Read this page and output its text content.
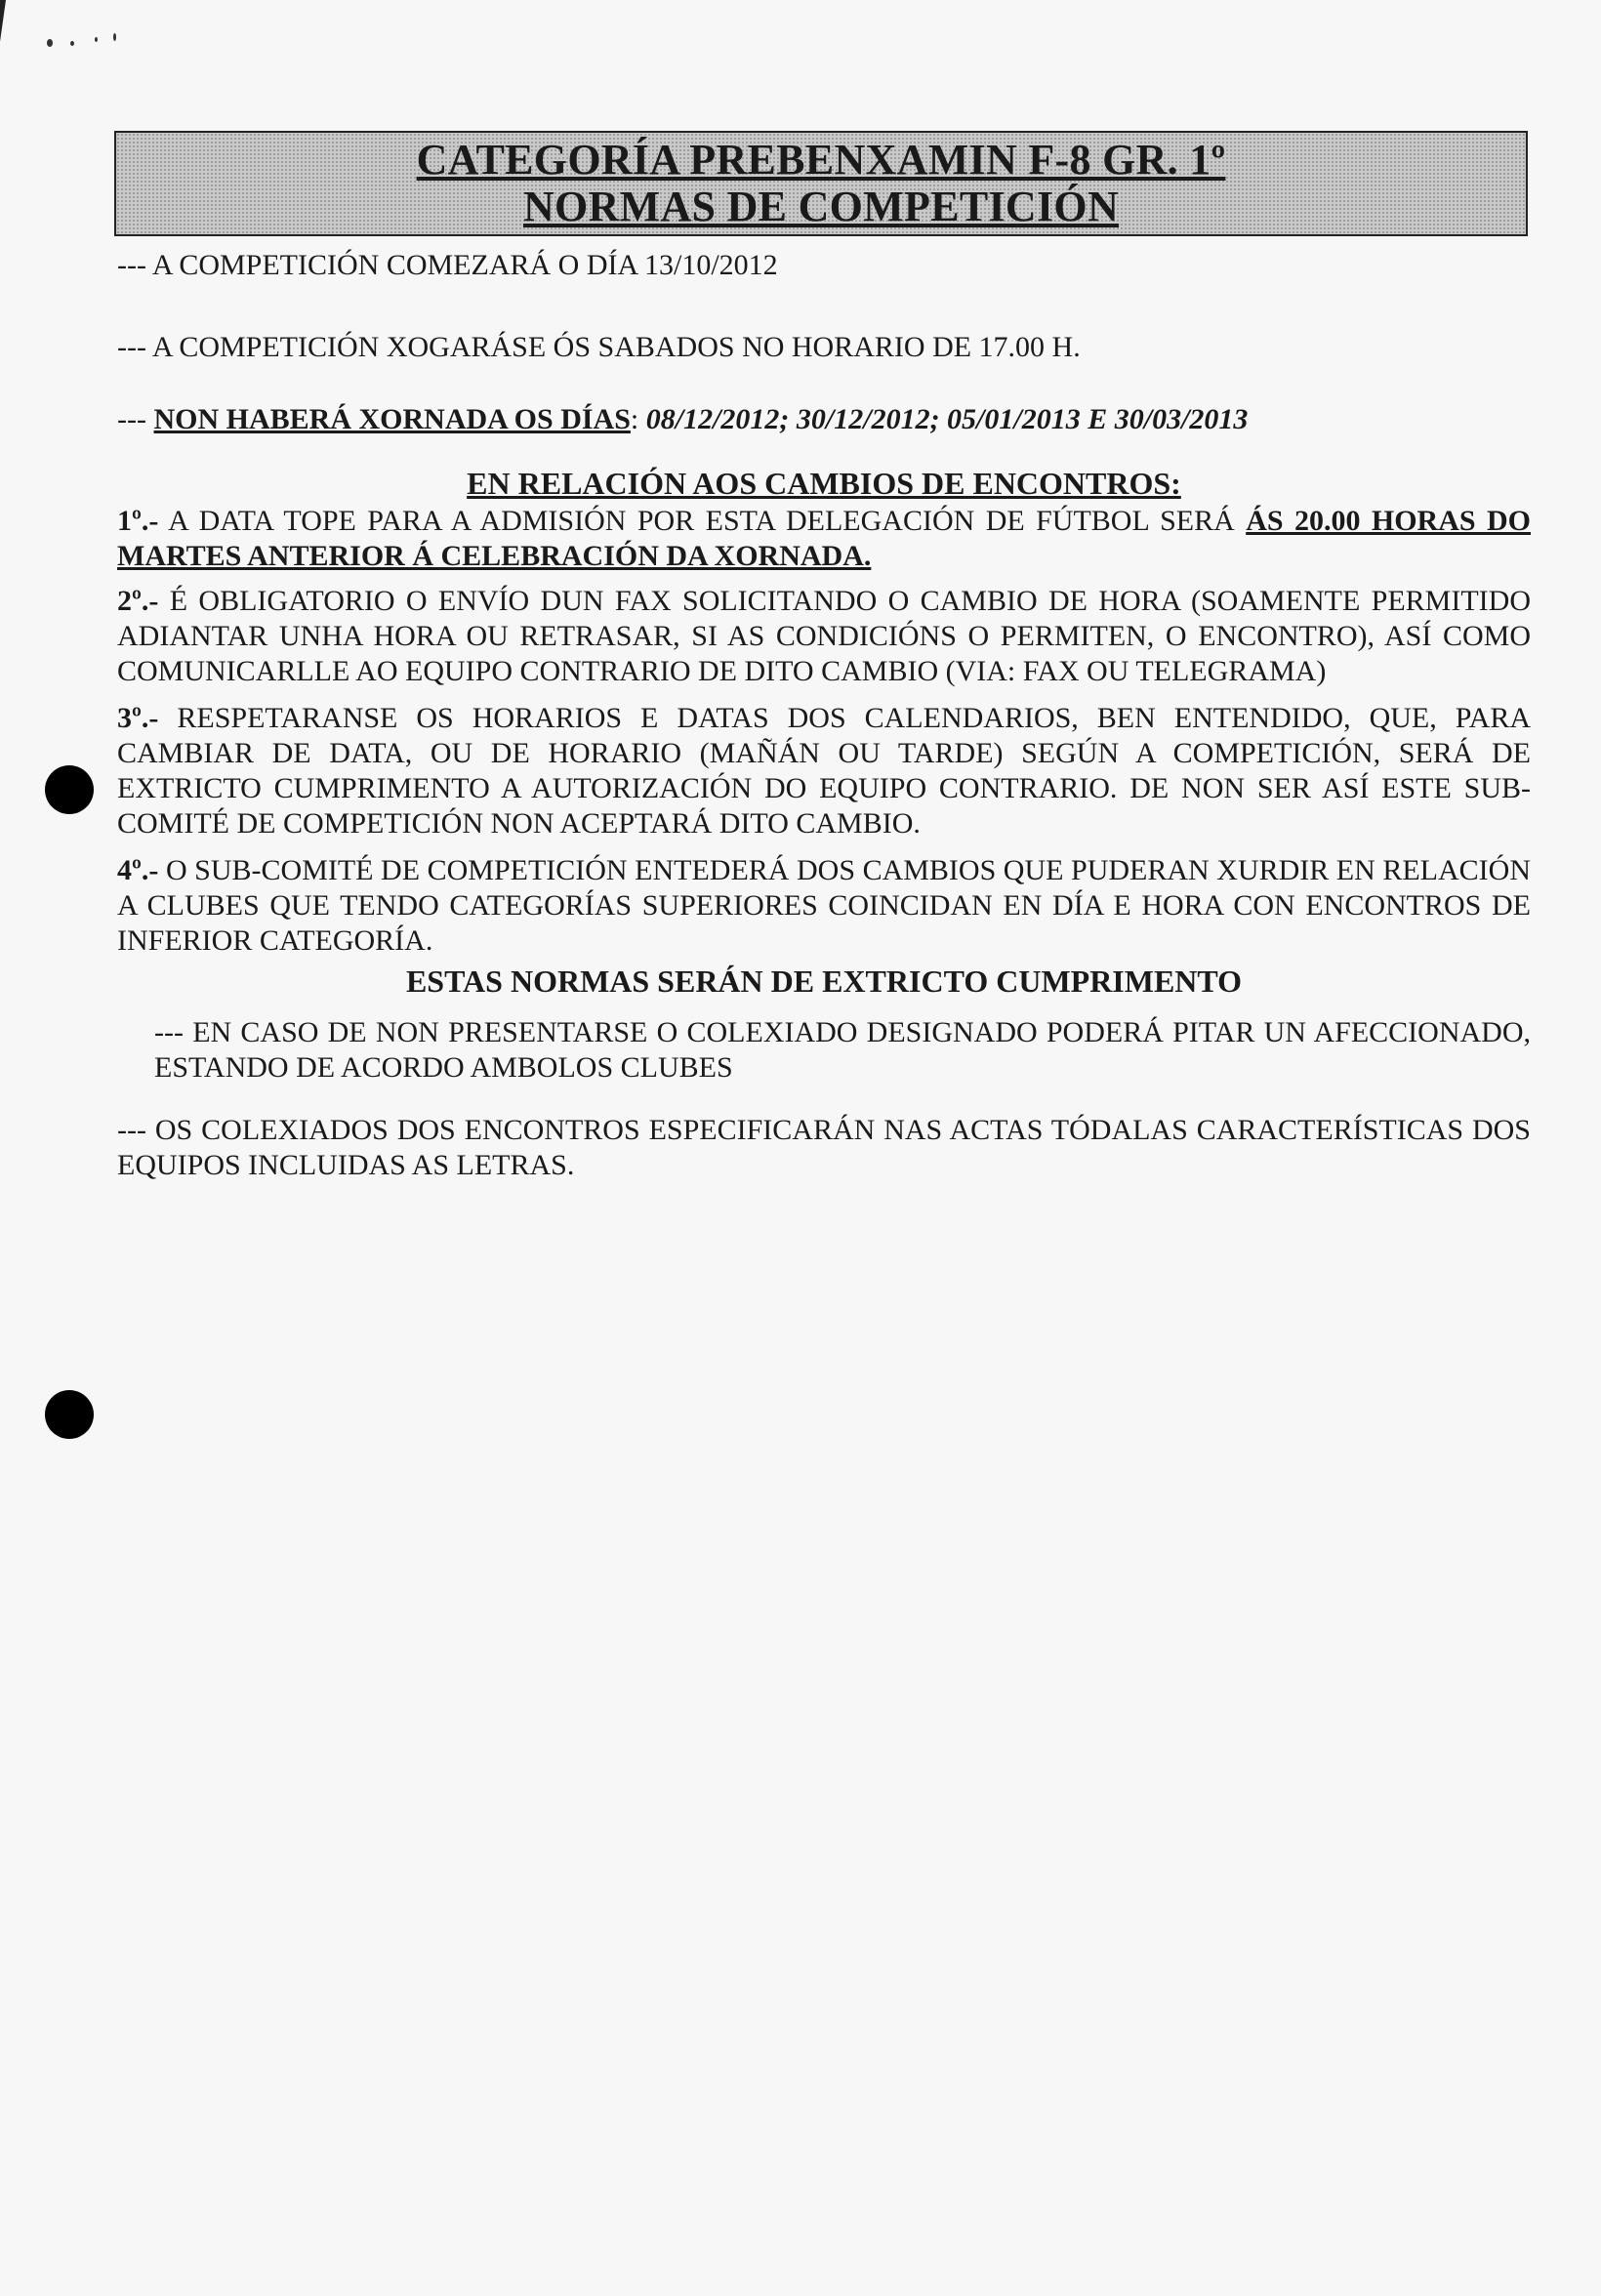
CATEGORÍA PREBENXAMIN F-8 GR. 1º
NORMAS DE COMPETICIÓN
--- A COMPETICIÓN COMEZARÁ O DÍA 13/10/2012
--- A COMPETICIÓN XOGARÁSE ÓS SABADOS NO HORARIO DE 17.00 H.
--- NON HABERÁ XORNADA OS DÍAS: 08/12/2012; 30/12/2012; 05/01/2013 E 30/03/2013
EN RELACIÓN AOS CAMBIOS DE ENCONTROS:
1º.- A DATA TOPE PARA A ADMISIÓN POR ESTA DELEGACIÓN DE FÚTBOL SERÁ ÁS 20.00 HORAS DO MARTES ANTERIOR Á CELEBRACIÓN DA XORNADA.
2º.- É OBLIGATORIO O ENVÍO DUN FAX SOLICITANDO O CAMBIO DE HORA (SOAMENTE PERMITIDO ADIANTAR UNHA HORA OU RETRASAR, SI AS CONDICIÓNS O PERMITEN, O ENCONTRO), ASÍ COMO COMUNICARLLE AO EQUIPO CONTRARIO DE DITO CAMBIO (VIA: FAX OU TELEGRAMA)
3º.- RESPETARANSE OS HORARIOS E DATAS DOS CALENDARIOS, BEN ENTENDIDO, QUE, PARA CAMBIAR DE DATA, OU DE HORARIO (MAÑÁN OU TARDE) SEGÚN A COMPETICIÓN, SERÁ DE EXTRICTO CUMPRIMENTO A AUTORIZACIÓN DO EQUIPO CONTRARIO. DE NON SER ASÍ ESTE SUB-COMITÉ DE COMPETICIÓN NON ACEPTARÁ DITO CAMBIO.
4º.- O SUB-COMITÉ DE COMPETICIÓN ENTEDERÁ DOS CAMBIOS QUE PUDERAN XURDIR EN RELACIÓN A CLUBES QUE TENDO CATEGORÍAS SUPERIORES COINCIDAN EN DÍA E HORA CON ENCONTROS DE INFERIOR CATEGORÍA.
ESTAS NORMAS SERÁN DE EXTRICTO CUMPRIMENTO
--- EN CASO DE NON PRESENTARSE O COLEXIADO DESIGNADO PODERÁ PITAR UN AFECCIONADO, ESTANDO DE ACORDO AMBOLOS CLUBES
--- OS COLEXIADOS DOS ENCONTROS ESPECIFICARÁN NAS ACTAS TÓDALAS CARACTERÍSTICAS DOS EQUIPOS INCLUIDAS AS LETRAS.
